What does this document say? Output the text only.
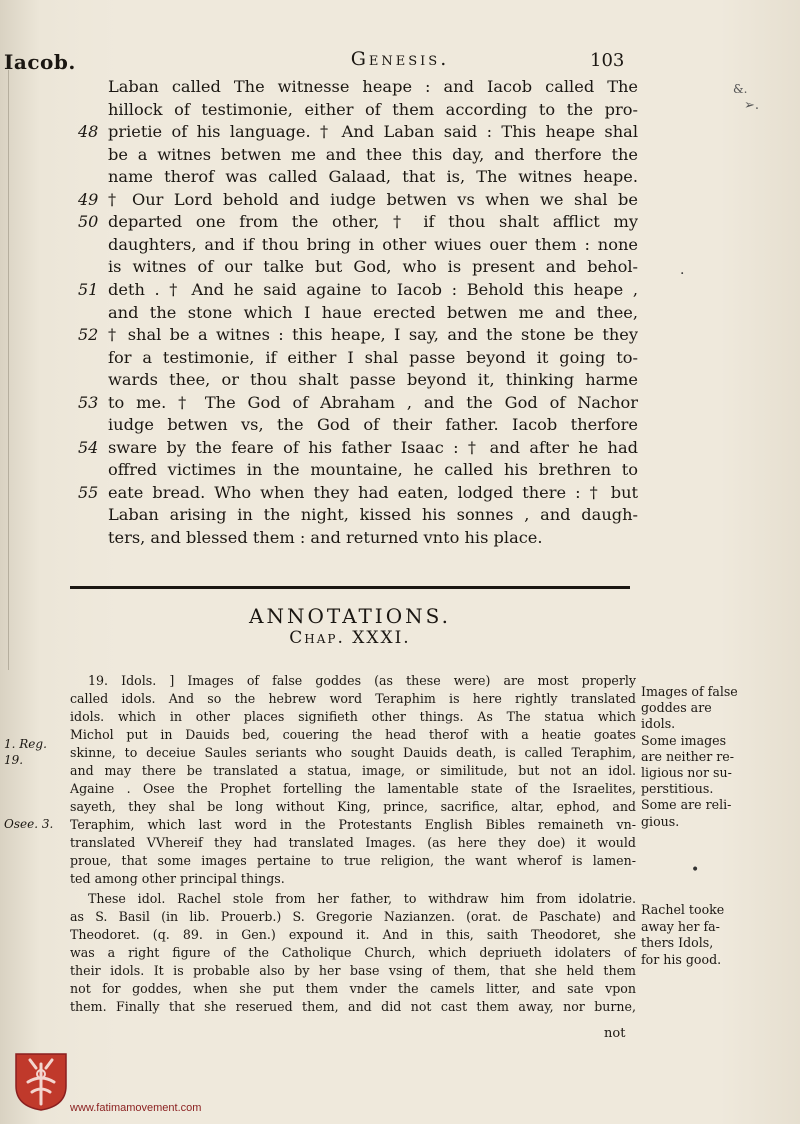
Iacob.	Genesis.	103
&.
➢.
Laban called The witnesse heape : and Iacob called The
hillock of testimonie, either of them according to the pro-
48 prietie of his language. † And Laban said : This heape shal
be a witnes betwen me and thee this day, and therfore the
name therof was called Galaad, that is, The witnes heape.
49 † Our Lord behold and iudge betwen vs when we shal be
50 departed one from the other, † if thou shalt afflict my
daughters, and if thou bring in other wiues ouer them : none
is witnes of our talke but God, who is present and behol-
51 deth . † And he said againe to Iacob : Behold this heape ,
and the stone which I haue erected betwen me and thee,
52 † shal be a witnes : this heape, I say, and the stone be they
for a testimonie, if either I shal passe beyond it going to-
wards thee, or thou shalt passe beyond it, thinking harme
53 to me. † The God of Abraham , and the God of Nachor
iudge betwen vs, the God of their father. Iacob therfore
54 sware by the feare of his father Isaac : † and after he had
offred victimes in the mountaine, he called his brethren to
55 eate bread. Who when they had eaten, lodged there : † but
Laban arising in the night, kissed his sonnes , and daugh-
ters, and blessed them : and returned vnto his place.
ANNOTATIONS.
Chap. XXXI.
19. Idols. ] Images of false goddes (as these were) are most properly
called idols. And so the hebrew word Teraphim is here rightly translated
idols. which in other places signifieth other things. As The statua which
Michol put in Dauids bed, couering the head therof with a heatie goates
skinne, to deceiue Saules seriants who sought Dauids death, is called Teraphim,
and may there be translated a statua, image, or similitude, but not an idol.
Againe . Osee the Prophet fortelling the lamentable state of the Israelites,
sayeth, they shal be long without King, prince, sacrifice, altar, ephod, and
Teraphim, which last word in the Protestants English Bibles remaineth vn-
translated VVhereif they had translated Images. (as here they doe) it would
proue, that some images pertaine to true religion, the want wherof is lamen-
ted among other principal things.
These idol. Rachel stole from her father, to withdraw him from idolatrie.
as S. Basil (in lib. Prouerb.) S. Gregorie Nazianzen. (orat. de Paschate) and
Theodoret. (q. 89. in Gen.) expound it. And in this, saith Theodoret, she
was a right figure of the Catholique Church, which depriueth idolaters of
their idols. It is probable also by her base vsing of them, that she held them
not for goddes, when she put them vnder the camels litter, and sate vpon
them. Finally that she reserued them, and did not cast them away, nor burne,
Images of false
goddes are
idols.
Some images
are neither re-
ligious nor su-
perstitious.
Some are reli-
gious.
Rachel tooke
away her fa-
thers Idols,
for his good.
1. Reg.
19.
Osee. 3.
•
·
not
www.fatimamovement.com
